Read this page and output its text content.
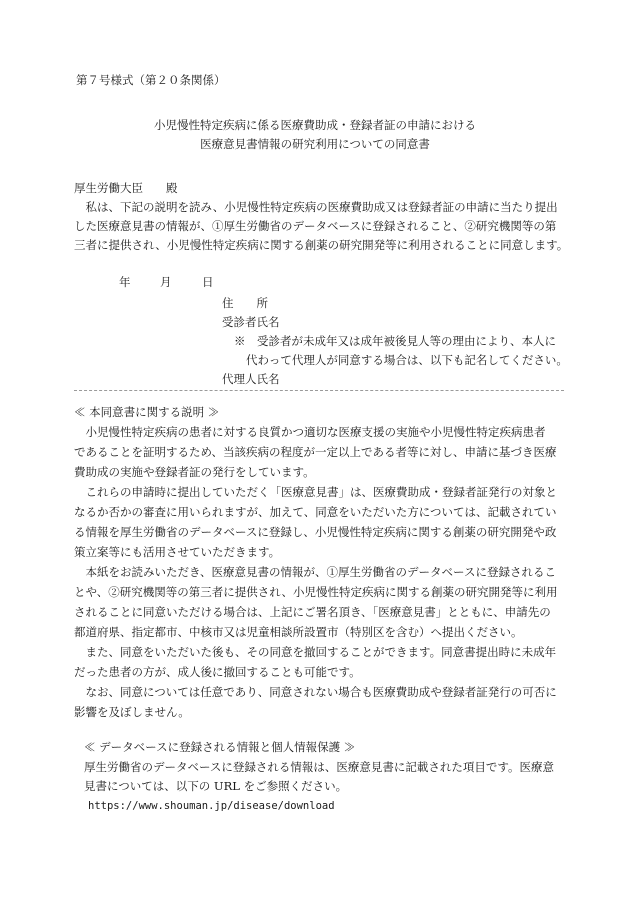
第７号様式（第２０条関係）
小児慢性特定疾病に係る医療費助成・登録者証の申請における
医療意見書情報の研究利用についての同意書
厚生労働大臣　　殿
　私は、下記の説明を読み、小児慢性特定疾病の医療費助成又は登録者証の申請に当たり提出
した医療意見書の情報が、①厚生労働省のデータベースに登録されること、②研究機関等の第
三者に提供され、小児慢性特定疾病に関する創薬の研究開発等に利用されることに同意します。
年	月	日
住　　所
受診者氏名
※　受診者が未成年又は成年被後見人等の理由により、本人に
代わって代理人が同意する場合は、以下も記名してください。
代理人氏名
≪ 本同意書に関する説明 ≫
　小児慢性特定疾病の患者に対する良質かつ適切な医療支援の実施や小児慢性特定疾病患者
であることを証明するため、当該疾病の程度が一定以上である者等に対し、申請に基づき医療
費助成の実施や登録者証の発行をしています。
　これらの申請時に提出していただく「医療意見書」は、医療費助成・登録者証発行の対象と
なるか否かの審査に用いられますが、加えて、同意をいただいた方については、記載されてい
る情報を厚生労働省のデータベースに登録し、小児慢性特定疾病に関する創薬の研究開発や政
策立案等にも活用させていただきます。
　本紙をお読みいただき、医療意見書の情報が、①厚生労働省のデータベースに登録されるこ
とや、②研究機関等の第三者に提供され、小児慢性特定疾病に関する創薬の研究開発等に利用
されることに同意いただける場合は、上記にご署名頂き、「医療意見書」とともに、申請先の
都道府県、指定都市、中核市又は児童相談所設置市（特別区を含む）へ提出ください。
　また、同意をいただいた後も、その同意を撤回することができます。同意書提出時に未成年
だった患者の方が、成人後に撤回することも可能です。
　なお、同意については任意であり、同意されない場合も医療費助成や登録者証発行の可否に
影響を及ぼしません。
≪ データベースに登録される情報と個人情報保護 ≫
厚生労働省のデータベースに登録される情報は、医療意見書に記載された項目です。医療意
見書については、以下の URL をご参照ください。
https://www.shouman.jp/disease/download
